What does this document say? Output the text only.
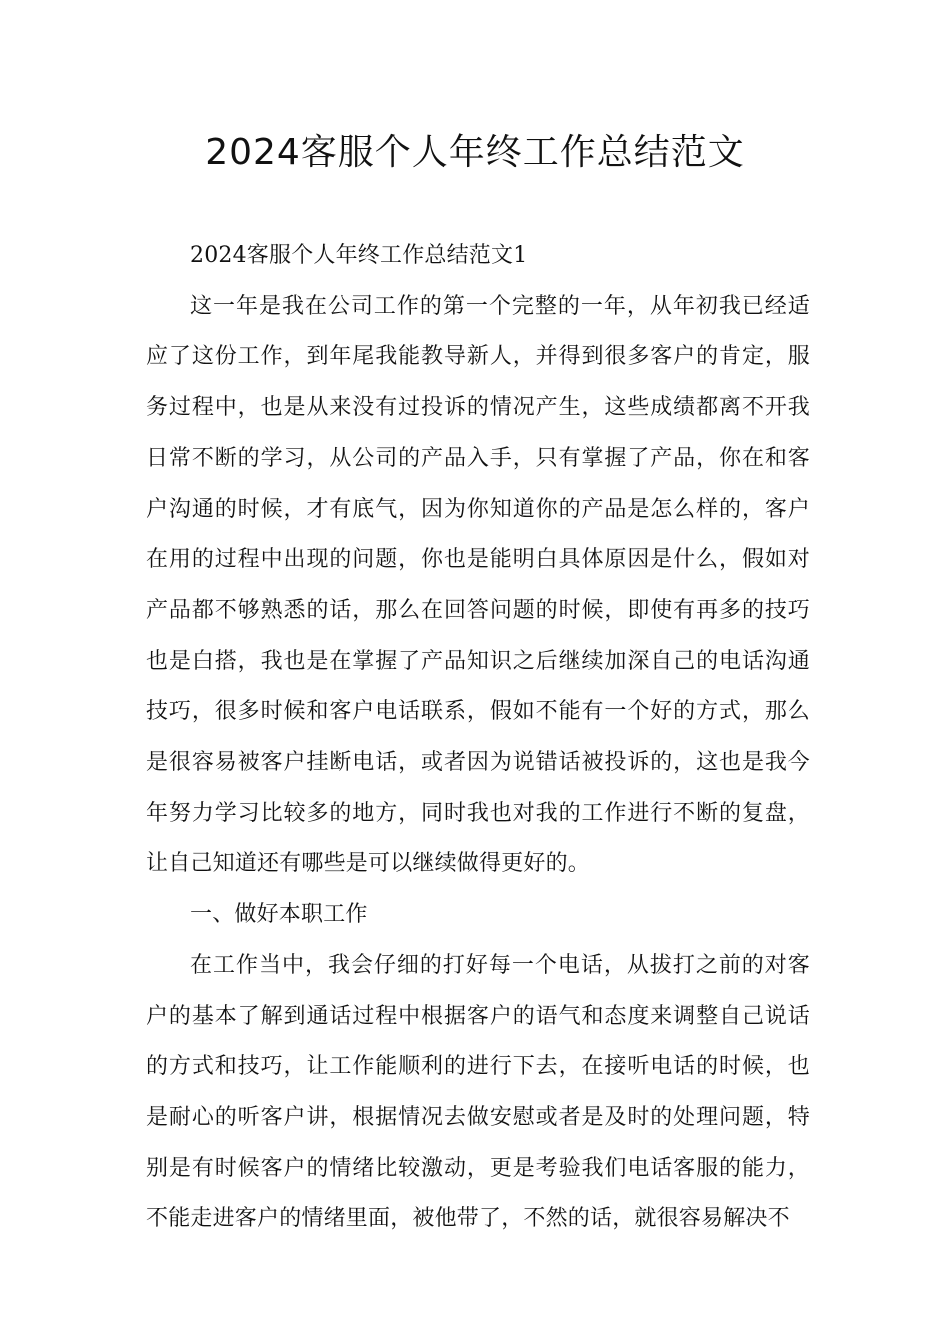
2024客服个人年终工作总结范文

2024客服个人年终工作总结范文1

这一年是我在公司工作的第一个完整的一年，从年初我已经适应了这份工作，到年尾我能教导新人，并得到很多客户的肯定，服务过程中，也是从来没有过投诉的情况产生，这些成绩都离不开我日常不断的学习，从公司的产品入手，只有掌握了产品，你在和客户沟通的时候，才有底气，因为你知道你的产品是怎么样的，客户在用的过程中出现的问题，你也是能明白具体原因是什么，假如对产品都不够熟悉的话，那么在回答问题的时候，即使有再多的技巧也是白搭，我也是在掌握了产品知识之后继续加深自己的电话沟通技巧，很多时候和客户电话联系，假如不能有一个好的方式，那么是很容易被客户挂断电话，或者因为说错话被投诉的，这也是我今年努力学习比较多的地方，同时我也对我的工作进行不断的复盘，让自己知道还有哪些是可以继续做得更好的。

一、做好本职工作

在工作当中，我会仔细的打好每一个电话，从拔打之前的对客户的基本了解到通话过程中根据客户的语气和态度来调整自己说话的方式和技巧，让工作能顺利的进行下去，在接听电话的时候，也是耐心的听客户讲，根据情况去做安慰或者是及时的处理问题，特别是有时候客户的情绪比较激动，更是考验我们电话客服的能力，不能走进客户的情绪里面，被他带了，不然的话，就很容易解决不
